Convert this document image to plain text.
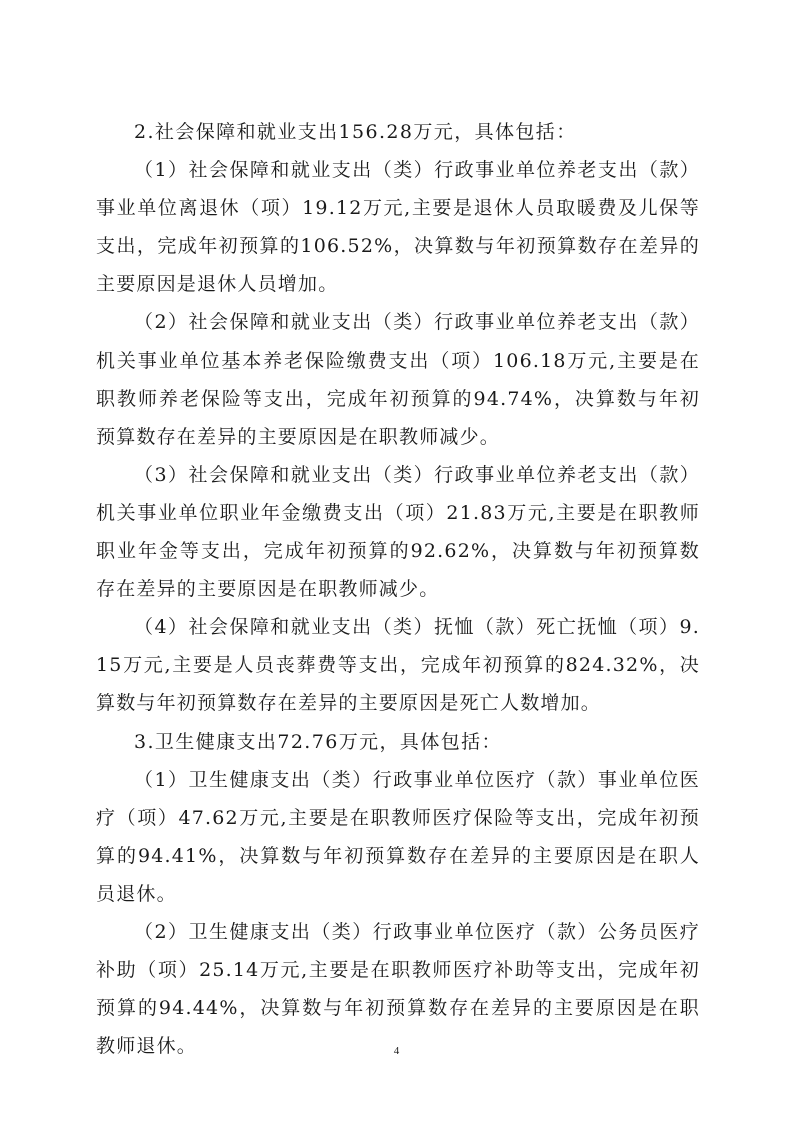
2.社会保障和就业支出156.28万元，具体包括：

（1）社会保障和就业支出（类）行政事业单位养老支出（款）事业单位离退休（项）19.12万元,主要是退休人员取暖费及儿保等支出，完成年初预算的106.52%，决算数与年初预算数存在差异的主要原因是退休人员增加。

（2）社会保障和就业支出（类）行政事业单位养老支出（款）机关事业单位基本养老保险缴费支出（项）106.18万元,主要是在职教师养老保险等支出，完成年初预算的94.74%，决算数与年初预算数存在差异的主要原因是在职教师减少。

（3）社会保障和就业支出（类）行政事业单位养老支出（款）机关事业单位职业年金缴费支出（项）21.83万元,主要是在职教师职业年金等支出，完成年初预算的92.62%，决算数与年初预算数存在差异的主要原因是在职教师减少。

（4）社会保障和就业支出（类）抚恤（款）死亡抚恤（项）9.15万元,主要是人员丧葬费等支出，完成年初预算的824.32%，决算数与年初预算数存在差异的主要原因是死亡人数增加。

3.卫生健康支出72.76万元，具体包括：

（1）卫生健康支出（类）行政事业单位医疗（款）事业单位医疗（项）47.62万元,主要是在职教师医疗保险等支出，完成年初预算的94.41%，决算数与年初预算数存在差异的主要原因是在职人员退休。

（2）卫生健康支出（类）行政事业单位医疗（款）公务员医疗补助（项）25.14万元,主要是在职教师医疗补助等支出，完成年初预算的94.44%，决算数与年初预算数存在差异的主要原因是在职教师退休。	4
